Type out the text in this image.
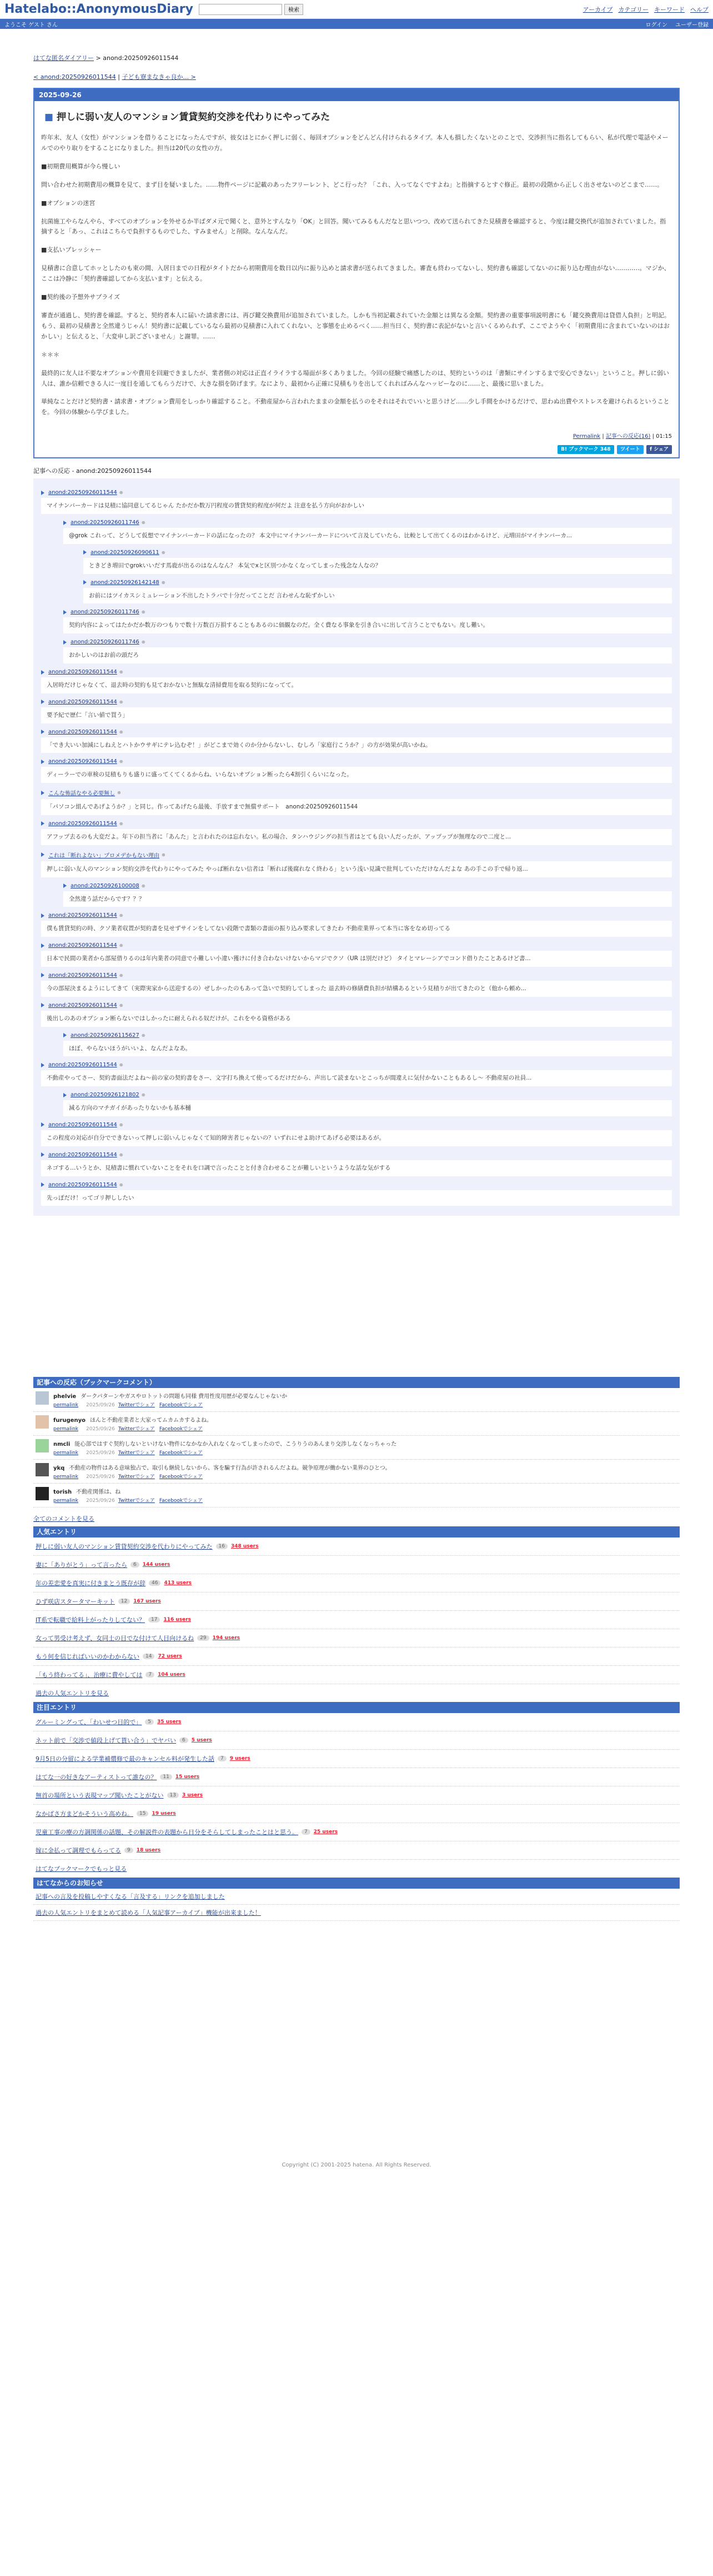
Hatelabo::AnonymousDiary	検索	アーカイブ カテゴリー キーワード ヘルプ
ようこそ ゲスト さん	ログイン ユーザー登録
はてな匿名ダイアリー > anond:20250926011544
< anond:20250926011544 | 子ども寮まなきゃ良か... >
2025-09-26
■ 押しに弱い友人のマンション賃貸契約交渉を代わりにやってみた

昨年末、友人（女性）がマンションを借りることになったんですが、彼女はとにかく押しに弱く、毎回オプションをどんどん付けられるタイプ。本人も損したくないとのことで、交渉担当に指名してもらい、私が代理で電話やメールでのやり取りをすることになりました。担当は20代の女性の方。

■初期費用概算が今ら慢しい

問い合わせた初期費用の概算を見て、まず目を疑いました。……物件ページに記載のあったフリーレント、どこ行った？「これ、入ってなくですよね」と指摘するとすぐ修正。最初の段階から正しく出させないのどこまで……。

■オプションの迷宮

抗菌施工やらなんやら、すべてのオプションを外せるか半ばダメ元で聞くと、意外とすんなり「OK」と回答。聞いてみるもんだなと思いつつ、改めて送られてきた見積書を確認すると、今度は鍵交換代が追加されていました。指摘すると「あっ、これはこちらで負担するものでした、すみません」と削除。なんなんだ。

■支払いプレッシャー

見積書に合意してホッとしたのも束の間、入居日までの日程がタイトだから初期費用を数日以内に振り込めと請求書が送られてきました。審査も終わってないし、契約書も確認してないのに振り込む理由がない…………。マジか、ここは冷静に「契約書確認してから支払います」と伝える。

■契約後の予想外サプライズ

審査が通過し、契約書を確認。すると、契約者本人に届いた請求書には、再び鍵交換費用が追加されていました。しかも当初記載されていた金額とは異なる金額。契約書の重要事項説明書にも「鍵交換費用は貸借人負担」と明記。もう、最初の見積書と全然違うじゃん！契約書に記載しているなら最初の見積書に入れてくれない、と事態を止めるべく……担当曰く、契約書に表記がないと言いくるめられず、ここでようやく「初期費用に含まれていないのはおかしい」と伝えると、「大変申し訳ございません」と謝罪。……

＊＊＊

最終的に友人は不要なオプションや費用を回避できましたが、業者側の対応は正直イライラする場面が多くありました。今回の経験で痛感したのは、契約というのは「書類にサインするまで安心できない」ということ。押しに弱い人は、誰か信頼できる人に一度目を通してもらうだけで、大きな損を防げます。なにより、最初から正確に見積もりを出してくれればみんなハッピーなのに……と、最後に思いました。

単純なことだけど契約書・請求書・オプション費用をしっかり確認すること。不動産屋から言われたままの金額を払うのをそれはそれでいいと思うけど……少し手間をかけるだけで、思わぬ出費やストレスを避けられるということを。今回の体験から学びました。

Permalink | 記事への反応(16) | 01:15
B! ブックマーク 348 ツイート f シェア
記事への反応 - anond:20250926011544
anond:20250926011544 ⊕
マイナンバーカードは見積に協同意してるじゃん たかだか数万円程度の賃貸契約程度が何だよ 注意を払う方向がおかしい
anond:20250926011746 ⊕
@grok これって、どうして仮想でマイナンバーカードの話になったの？ 本文中にマイナンバーカードについて言及していたら、比較として出てくるのはわかるけど、元増田がマイナンバーカ...
anond:20250926090611 ⊕
ときどき増田でgrokいいだす馬鹿が出るのはなんなん？ 本気でxと区別つかなくなってしまった残念な人なの？
anond:20250926142148 ⊕
お前にはツイカスシミュレーション不出したトラバで十分だってことだ 言わせんな恥ずかしい
anond:20250926011746 ⊕
契約内容によってはたかだか数万のつもりで数十万数百万損することもあるのに価観なのだ。全く費なる事象を引き合いに出して言うことでもない。度し難い。
anond:20250926011746 ⊕
おかしいのはお前の頭だろ
anond:20250926011544 ⊕
入居時だけじゃなくて、退去時の契約も見ておかないと無駄な清掃費用を取る契約になってて。
anond:20250926011544 ⊕
要予紀で歴仁「言い値で買う」
anond:20250926011544 ⊕
「でき大いい加減にしねえとハトかウサギにテレ込むぞ！」がどこまで効くのか分からないし、むしろ「家庭行こうか？」の方が効果が高いかね。
anond:20250926011544 ⊕
ディーラーでの車検の見積もりも盛りに盛ってくてくるからね、いらないオプション断ったら4割引くらいになった。
こんな怖話なやる必要無し ⊕
「パソコン組んであげようか？」と同じ。作ってあげたら最後、手放すまで無償サポート　anond:20250926011544
anond:20250926011544 ⊕
アフップ去るのも大変だよ。年下の担当者に「あんた」と言われたのは忘れない。私の場合、タンハウジングの担当者はとても良い人だったが、アップップが無理なので二度と...
これは「断れよない」プロメデかもない理由 ⊕
押しに弱い友人のマンション契約交渉を代わりにやってみた やっぱ断れない信者は「断れば後腐れなく終わる」という浅い見識で批判していただけなんだよな あの手この手で帰り返...
anond:20250926100008 ⊕
全然違う話だからです？？？
anond:20250926011544 ⊕
僕も賃貸契約の時、クソ業者収置が契約書を見せずサインをしてない段階で書類の書面の振り込み要求してきたわ 不動産業界って本当に客をなめ切ってる
anond:20250926011544 ⊕
日本で民間の業者から部屋借りるのは年内業者の同意で小難しい小違い獲けに付き合わないけないからマジでクソ（UR は別だけど） タイとマレーシアでコンド借りたことあるけど書...
anond:20250926011544 ⊕
今の部屋決まるようにしてきて（実際実家から送迎するの）ぜしかったのもあって急いで契約してしまった 退去時の修繕費負担が結構あるという見積りが出てきたのと（他から頼め...
anond:20250926011544 ⊕
後出しのあのオプション断らないではしかったに耐えられる奴だけが、これをやる資格がある
anond:20250926115627 ⊕
ほぼ、やらないほうがいいよ、なんだよなあ。
anond:20250926011544 ⊕
不動産やってさー、契約書面法だよね〜前の家の契約書をさー、文字打ち換えて使ってるだけだから、声出して読まないとこっちが間違えに気付かないこともあるし〜 不動産屋の社員...
anond:20250926121802 ⊕
減る方向のマチガイがあったりないかも基本樋
anond:20250926011544 ⊕
この程度の対応が自分でできないって押しに弱いんじゃなくて知的障害者じゃないの？いずれにせよ助けてあげる必要はあるが。
anond:20250926011544 ⊕
ネゴする…いうとか、見積書に慣れていないことをそれを口調で言ったことと付き合わせることが難しいというような話な気がする
anond:20250926011544 ⊕
先っぽだけ！ってゴリ押ししたい
記事への反応（ブックマークコメント）
phelvie ダークパターンやガスやロトットの問題も同様 費用性度用歴が必要なんじゃないか
permalink 2025/09/26 Twitterでシェア Facebookでシェア
furugenyo ほんと不動産業者と大家ってムカムカするよね。
permalink 2025/09/26 Twitterでシェア Facebookでシェア
nmcli 能心部ではすぐ契約しないといけない物件になかなか入れなくなってしまったので、こうりうのあんまり交渉しなくなっちゃった
permalink 2025/09/26 Twitterでシェア Facebookでシェア
ykq 不動産の物件はある意味独占で、取引も継続しないから、客を騙す行為が許されるんだよね。競争原理が働かない業界のひとつ。
permalink 2025/09/26 Twitterでシェア Facebookでシェア
torish 不動産関係は、ね
permalink 2025/09/26 Twitterでシェア Facebookでシェア
全てのコメントを見る
人気エントリ
押しに弱い友人のマンション賃貸契約交渉を代わりにやってみた	16	348 users
妻に「ありがとう」って言ったら	6	144 users
年の差恋愛を真実に付きまとう既存が辞	46	413 users
ひず咲店スタータマーキット	12	167 users
IT系で転職で給料上がったりしてない？	17	116 users
女って男受け考えず、女同士の目でな付けて人目向けるね	29	194 users
もう何を信じればいいのかわからない	14	72 users
「もう終わってる」、治療に費やしては	7	104 users
過去の人気エントリを見る
注目エントリ
グルーミングって、「わいせつ目的で」	5	35 users
ネット前で「交渉で値段上げて貰い合う」でヤバい	6	5 users
9月5日の分留による学業補償修で最のキャンセル料が発生した話	7	9 users
はてな一の好きなアーティストって誰なの？	11	15 users
無首の場所という表現マップ聞いたことがない	13	3 users
なかばさ方まどかそういう高めね。	15	19 users
児童工事の療の方調関係の話題、その解説件の表題から日分をそらしてしまったことはと思う。	7	25 users
嫁に金払って調理でもらってる	9	18 users
はてなブックマークでもっと見る
はてなからのお知らせ
記事への言及を投稿しやすくなる「言及する」リンクを追加しました
過去の人気エントリをまとめて読める「人気記事アーカイブ」機能が出来ました！
Copyright (C) 2001-2025 hatena. All Rights Reserved.
